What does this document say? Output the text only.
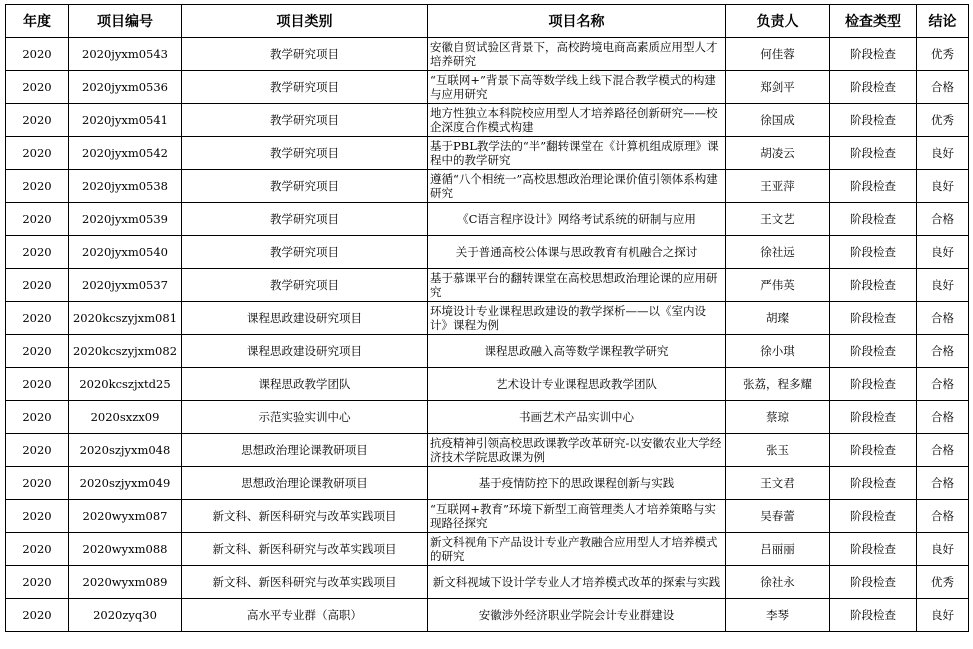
年度	项目编号	项目类别	项目名称	负责人	检查类型	结论
2020	2020jyxm0543	教学研究项目	安徽自贸试验区背景下，高校跨境电商高素质应用型人才培养研究	何佳蓉	阶段检查	优秀
2020	2020jyxm0536	教学研究项目	“互联网+”背景下高等数学线上线下混合教学模式的构建与应用研究	郑剑平	阶段检查	合格
2020	2020jyxm0541	教学研究项目	地方性独立本科院校应用型人才培养路径创新研究——校企深度合作模式构建	徐国成	阶段检查	优秀
2020	2020jyxm0542	教学研究项目	基于PBL教学法的“半”翻转课堂在《计算机组成原理》课程中的教学研究	胡凌云	阶段检查	良好
2020	2020jyxm0538	教学研究项目	遵循“八个相统一”高校思想政治理论课价值引领体系构建研究	王亚萍	阶段检查	良好
2020	2020jyxm0539	教学研究项目	《C语言程序设计》网络考试系统的研制与应用	王文艺	阶段检查	合格
2020	2020jyxm0540	教学研究项目	关于普通高校公体课与思政教育有机融合之探讨	徐社远	阶段检查	良好
2020	2020jyxm0537	教学研究项目	基于慕课平台的翻转课堂在高校思想政治理论课的应用研究	严伟英	阶段检查	良好
2020	2020kcszyjxm081	课程思政建设研究项目	环境设计专业课程思政建设的教学探析——以《室内设计》课程为例	胡璨	阶段检查	合格
2020	2020kcszyjxm082	课程思政建设研究项目	课程思政融入高等数学课程教学研究	徐小琪	阶段检查	合格
2020	2020kcszjxtd25	课程思政教学团队	艺术设计专业课程思政教学团队	张荔，程多耀	阶段检查	合格
2020	2020sxzx09	示范实验实训中心	书画艺术产品实训中心	蔡琼	阶段检查	合格
2020	2020szjyxm048	思想政治理论课教研项目	抗疫精神引领高校思政课教学改革研究-以安徽农业大学经济技术学院思政课为例	张玉	阶段检查	合格
2020	2020szjyxm049	思想政治理论课教研项目	基于疫情防控下的思政课程创新与实践	王文君	阶段检查	合格
2020	2020wyxm087	新文科、新医科研究与改革实践项目	“互联网+教育”环境下新型工商管理类人才培养策略与实现路径探究	吴春蕾	阶段检查	合格
2020	2020wyxm088	新文科、新医科研究与改革实践项目	新文科视角下产品设计专业产教融合应用型人才培养模式的研究	吕丽丽	阶段检查	良好
2020	2020wyxm089	新文科、新医科研究与改革实践项目	新文科视域下设计学专业人才培养模式改革的探索与实践	徐社永	阶段检查	优秀
2020	2020zyq30	高水平专业群（高职）	安徽涉外经济职业学院会计专业群建设	李琴	阶段检查	良好
